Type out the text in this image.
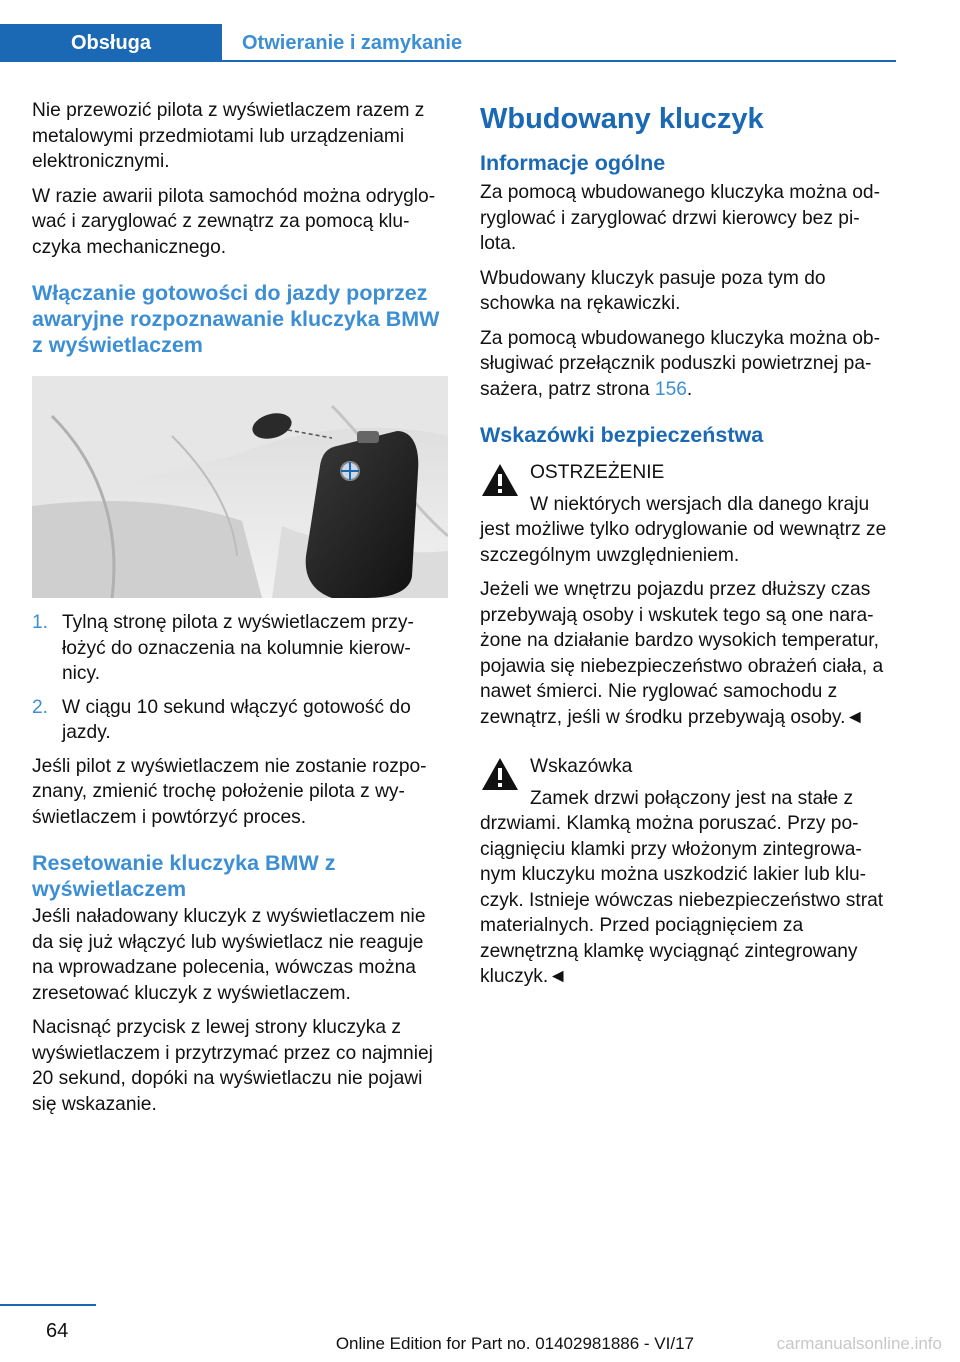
Obsługa	Otwieranie i zamykanie

Nie przewozić pilota z wyświetlaczem razem z metalowymi przedmiotami lub urządzeniami elektronicznymi.

W razie awarii pilota samochód można odryglo‐ wać i zaryglować z zewnątrz za pomocą klu‐ czyka mechanicznego.

Włączanie gotowości do jazdy poprzez awaryjne rozpoznawanie kluczyka BMW z wyświetlaczem
1. Tylną stronę pilota z wyświetlaczem przy‐ łożyć do oznaczenia na kolumnie kierow‐ nicy.
2. W ciągu 10 sekund włączyć gotowość do jazdy.

Jeśli pilot z wyświetlaczem nie zostanie rozpo‐ znany, zmienić trochę położenie pilota z wy‐ świetlaczem i powtórzyć proces.

Resetowanie kluczyka BMW z wyświetlaczem

Jeśli naładowany kluczyk z wyświetlaczem nie da się już włączyć lub wyświetlacz nie reaguje na wprowadzane polecenia, wówczas można zresetować kluczyk z wyświetlaczem.

Nacisnąć przycisk z lewej strony kluczyka z wyświetlaczem i przytrzymać przez co najmniej 20 sekund, dopóki na wyświetlaczu nie pojawi się wskazanie.

Wbudowany kluczyk
Informacje ogólne

Za pomocą wbudowanego kluczyka można od‐ ryglować i zaryglować drzwi kierowcy bez pi‐ lota.

Wbudowany kluczyk pasuje poza tym do schowka na rękawiczki.

Za pomocą wbudowanego kluczyka można ob‐ sługiwać przełącznik poduszki powietrznej pa‐ sażera, patrz strona 156.

Wskazówki bezpieczeństwa

OSTRZEŻENIE

W niektórych wersjach dla danego kraju jest możliwe tylko odryglowanie od wewnątrz ze szczególnym uwzględnieniem.

Jeżeli we wnętrzu pojazdu przez dłuższy czas przebywają osoby i wskutek tego są one nara‐ żone na działanie bardzo wysokich temperatur, pojawia się niebezpieczeństwo obrażeń ciała, a nawet śmierci. Nie ryglować samochodu z zewnątrz, jeśli w środku przebywają osoby.◄

Wskazówka

Zamek drzwi połączony jest na stałe z drzwiami. Klamką można poruszać. Przy po‐ ciągnięciu klamki przy włożonym zintegrowa‐ nym kluczyku można uszkodzić lakier lub klu‐ czyk. Istnieje wówczas niebezpieczeństwo strat materialnych. Przed pociągnięciem za zewnętrzną klamkę wyciągnąć zintegrowany kluczyk.◄

64
Online Edition for Part no. 01402981886 - VI/17	carmanualsonline.info
